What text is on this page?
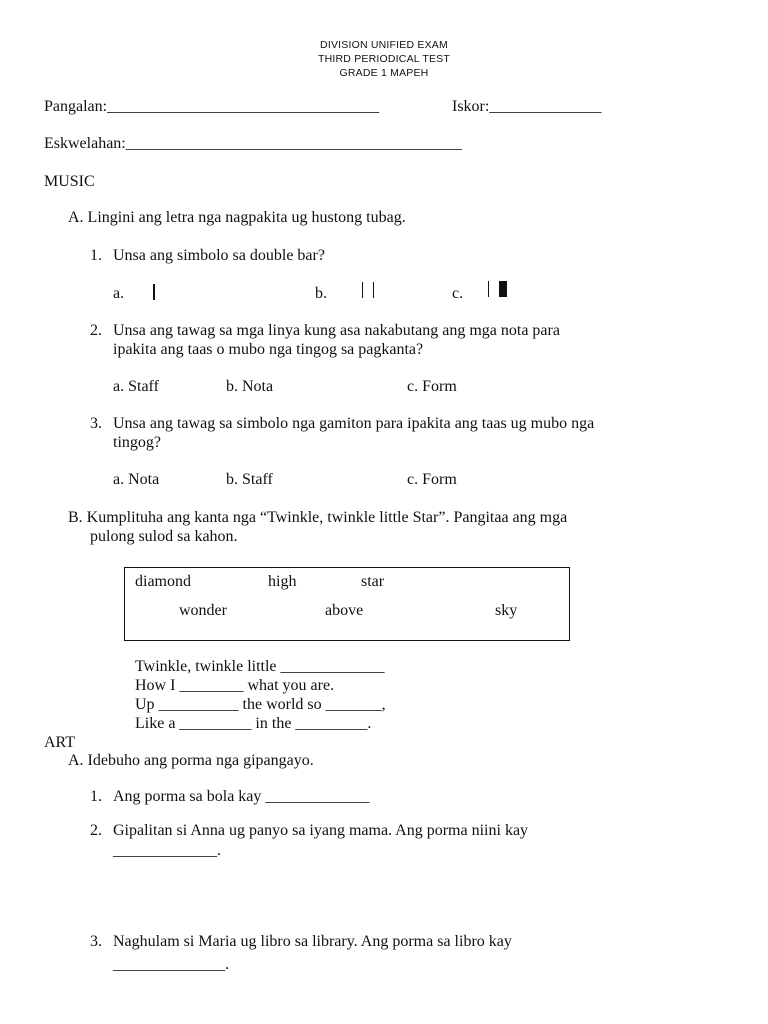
DIVISION UNIFIED EXAM
THIRD PERIODICAL TEST
GRADE 1 MAPEH
Pangalan:__________________________________	Iskor:______________
Eskwelahan:__________________________________________
MUSIC
A. Lingini ang letra nga nagpakita ug hustong tubag.
1. Unsa ang simbolo sa double bar?
a.	b.	c.
2. Unsa ang tawag sa mga linya kung asa nakabutang ang mga nota para
ipakita ang taas o mubo nga tingog sa pagkanta?
a. Staff	b. Nota	c. Form
3. Unsa ang tawag sa simbolo nga gamiton para ipakita ang taas ug mubo nga
tingog?
a. Nota	b. Staff	c. Form
B. Kumplituha ang kanta nga “Twinkle, twinkle little Star”. Pangitaa ang mga
pulong sulod sa kahon.
diamond	high	star
wonder	above	sky
Twinkle, twinkle little _____________
How I ________ what you are.
Up __________ the world so _______,
Like a _________ in the _________.
ART
A. Idebuho ang porma nga gipangayo.
1. Ang porma sa bola kay _____________
2. Gipalitan si Anna ug panyo sa iyang mama. Ang porma niini kay
_____________.
3. Naghulam si Maria ug libro sa library. Ang porma sa libro kay
______________.
